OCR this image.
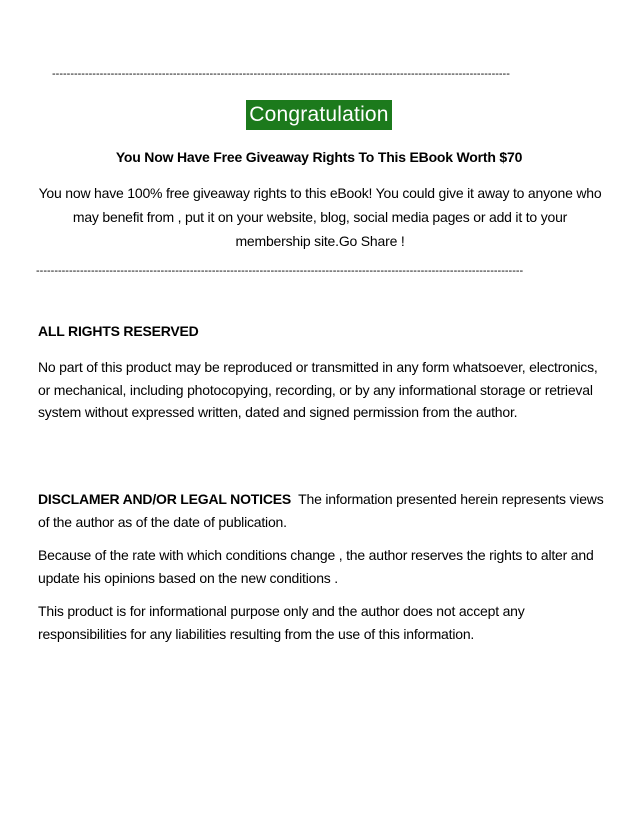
-----------------------------------------------------------------------------------------------------------------------------
Congratulation
You Now Have Free Giveaway Rights To This EBook Worth $70
You now have 100% free giveaway rights to this eBook! You could give it away to anyone who may benefit from , put it on your website, blog, social media pages or add it to your membership site.Go Share !
-------------------------------------------------------------------------------------------------------------------------------------
ALL RIGHTS RESERVED
No part of this product may be reproduced or transmitted in any form whatsoever, electronics, or mechanical, including photocopying, recording, or by any informational storage or retrieval system without expressed written, dated and signed permission from the author.
DISCLAMER AND/OR LEGAL NOTICES  The information presented herein represents views of the author as of the date of publication.
Because of the rate with which conditions change , the author reserves the rights to alter and update his opinions based on the new conditions .
This product is for informational purpose only and the author does not accept any responsibilities for any liabilities resulting from the use of this information.
